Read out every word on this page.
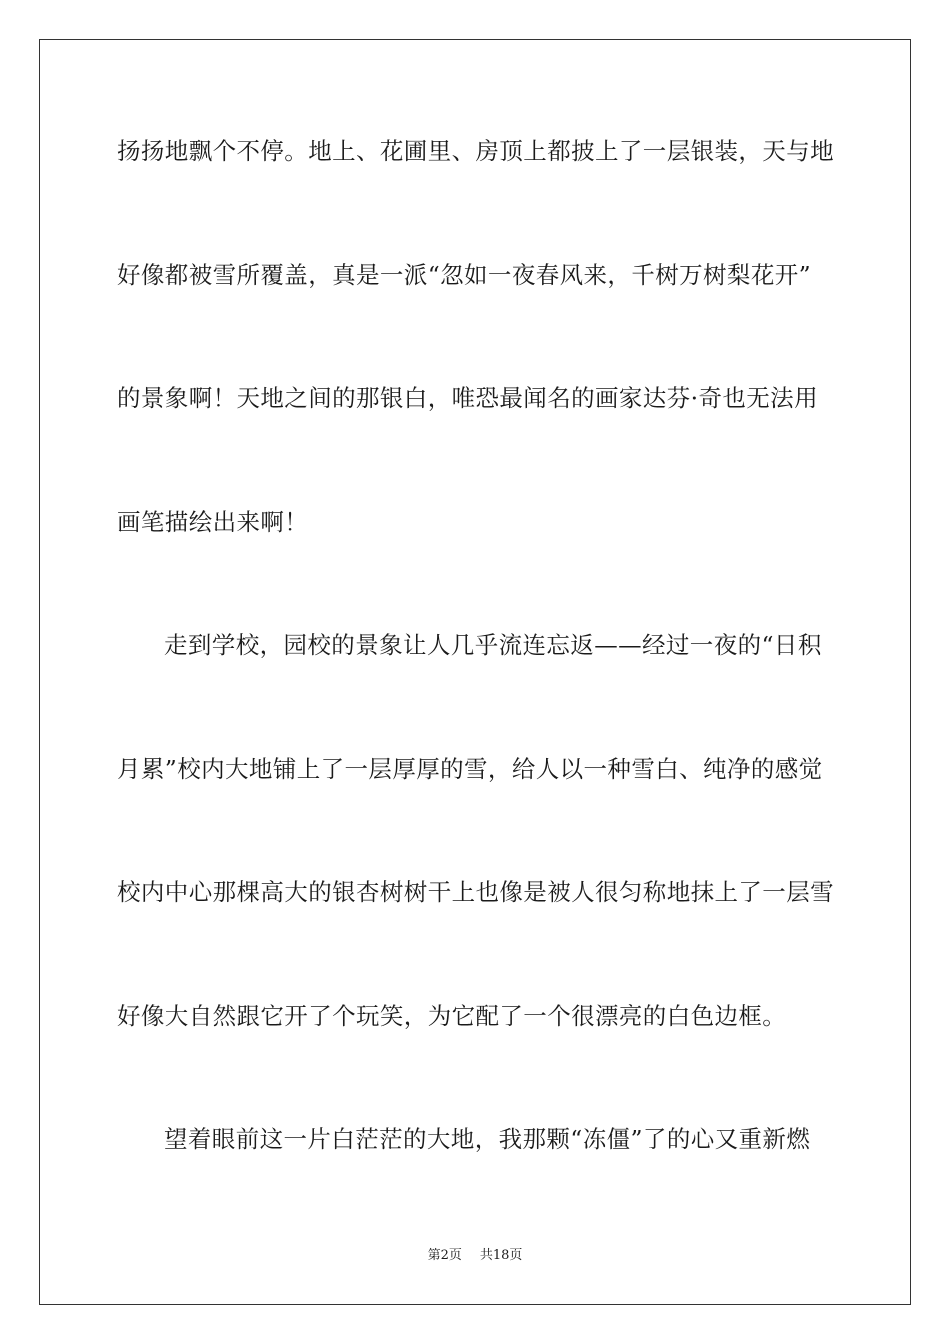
扬扬地飘个不停。地上、花圃里、房顶上都披上了一层银装，天与地
好像都被雪所覆盖，真是一派“忽如一夜春风来，千树万树梨花开”
的景象啊！天地之间的那银白，唯恐最闻名的画家达芬·奇也无法用
画笔描绘出来啊！
走到学校，园校的景象让人几乎流连忘返——经过一夜的“日积
月累”校内大地铺上了一层厚厚的雪，给人以一种雪白、纯净的感觉
校内中心那棵高大的银杏树树干上也像是被人很匀称地抹上了一层雪
好像大自然跟它开了个玩笑，为它配了一个很漂亮的白色边框。
望着眼前这一片白茫茫的大地，我那颗“冻僵”了的心又重新燃
第2页 共18页
